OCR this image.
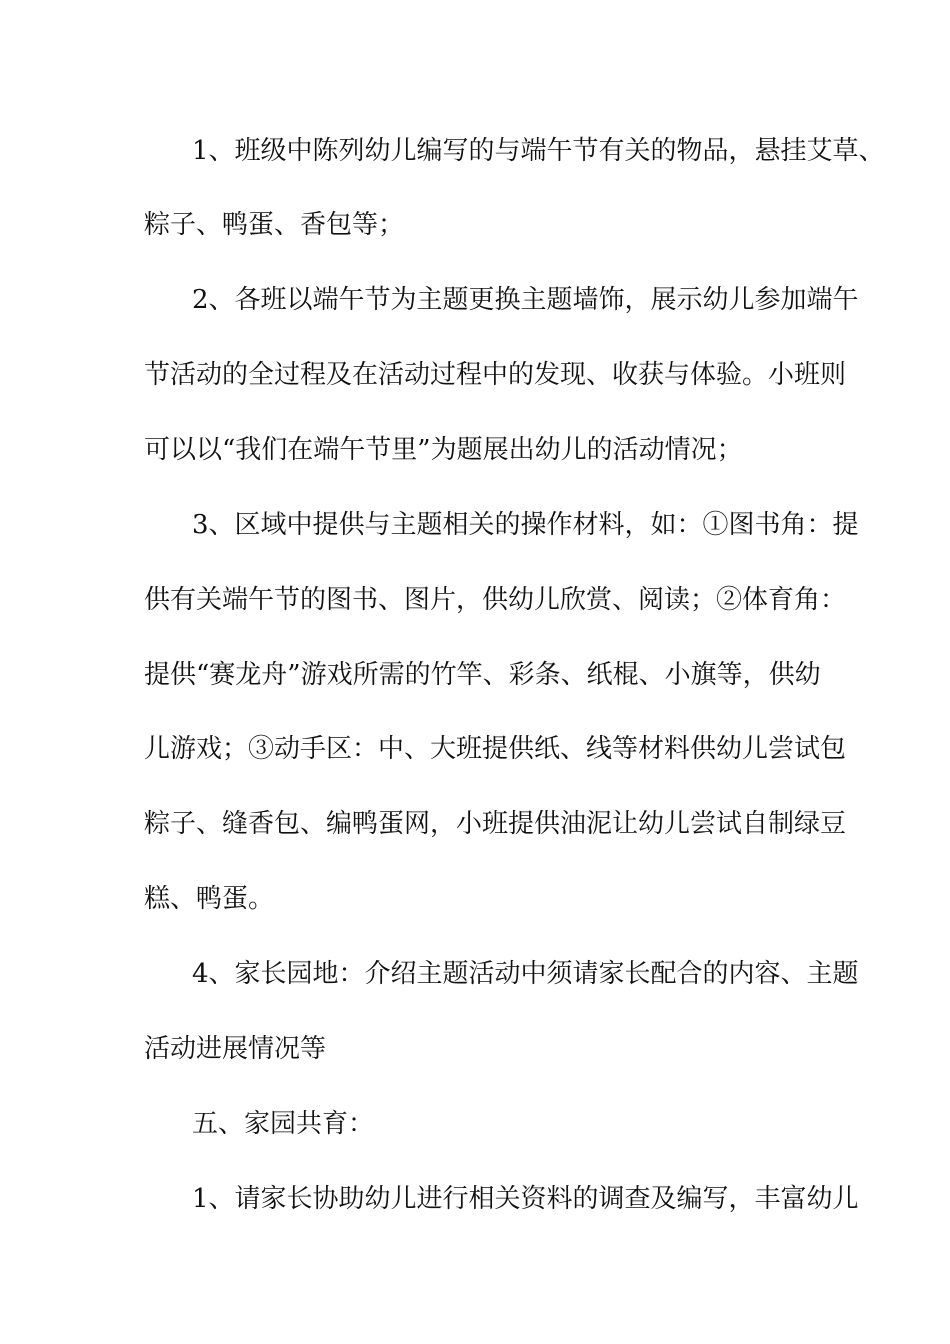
1、班级中陈列幼儿编写的与端午节有关的物品，悬挂艾草、
粽子、鸭蛋、香包等；
2、各班以端午节为主题更换主题墙饰，展示幼儿参加端午
节活动的全过程及在活动过程中的发现、收获与体验。小班则
可以以“我们在端午节里”为题展出幼儿的活动情况；
3、区域中提供与主题相关的操作材料，如：①图书角：提
供有关端午节的图书、图片，供幼儿欣赏、阅读；②体育角：
提供“赛龙舟”游戏所需的竹竿、彩条、纸棍、小旗等，供幼
儿游戏；③动手区：中、大班提供纸、线等材料供幼儿尝试包
粽子、缝香包、编鸭蛋网，小班提供油泥让幼儿尝试自制绿豆
糕、鸭蛋。
4、家长园地：介绍主题活动中须请家长配合的内容、主题
活动进展情况等
五、家园共育：
1、请家长协助幼儿进行相关资料的调查及编写，丰富幼儿
